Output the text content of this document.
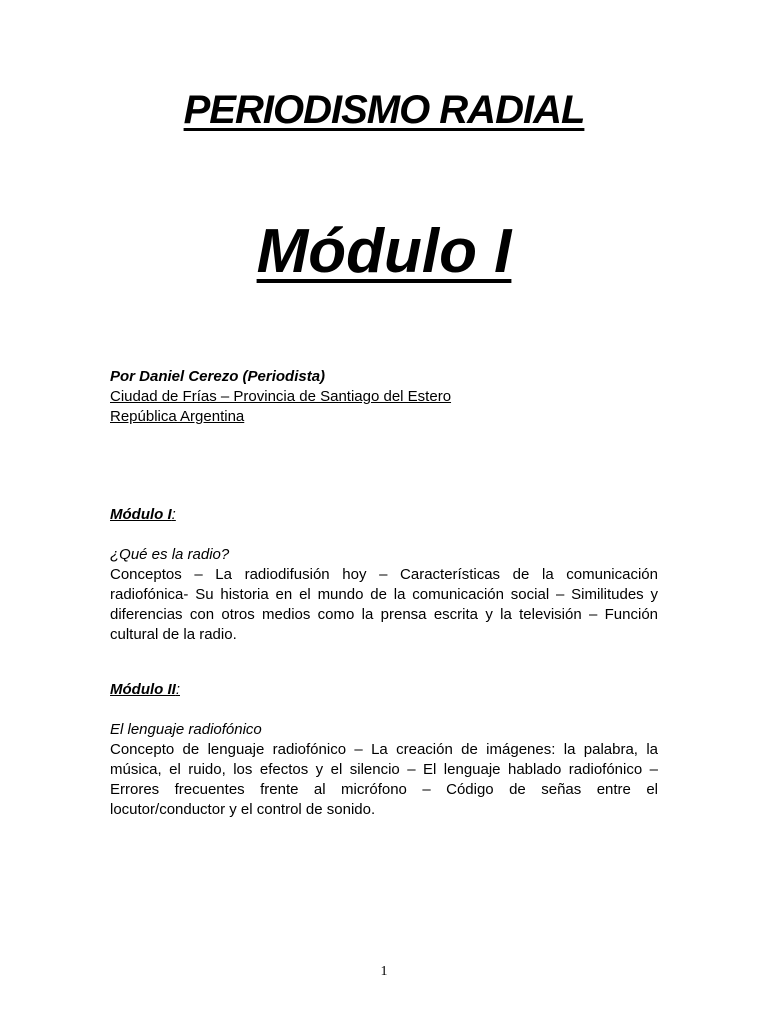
PERIODISMO RADIAL
Módulo I
Por Daniel Cerezo (Periodista)
Ciudad de Frías – Provincia de Santiago del Estero
República Argentina

Módulo I:

¿Qué es la radio?

Conceptos – La radiodifusión hoy – Características de la comunicación radiofónica- Su historia en el mundo de la comunicación social – Similitudes y diferencias con otros medios como la prensa escrita y la televisión – Función cultural de la radio.

Módulo II:

El lenguaje radiofónico

Concepto de lenguaje radiofónico – La creación de imágenes: la palabra, la música, el ruido, los efectos y el silencio – El lenguaje hablado radiofónico – Errores frecuentes frente al micrófono – Código de señas entre el locutor/conductor y el control de sonido.

1
